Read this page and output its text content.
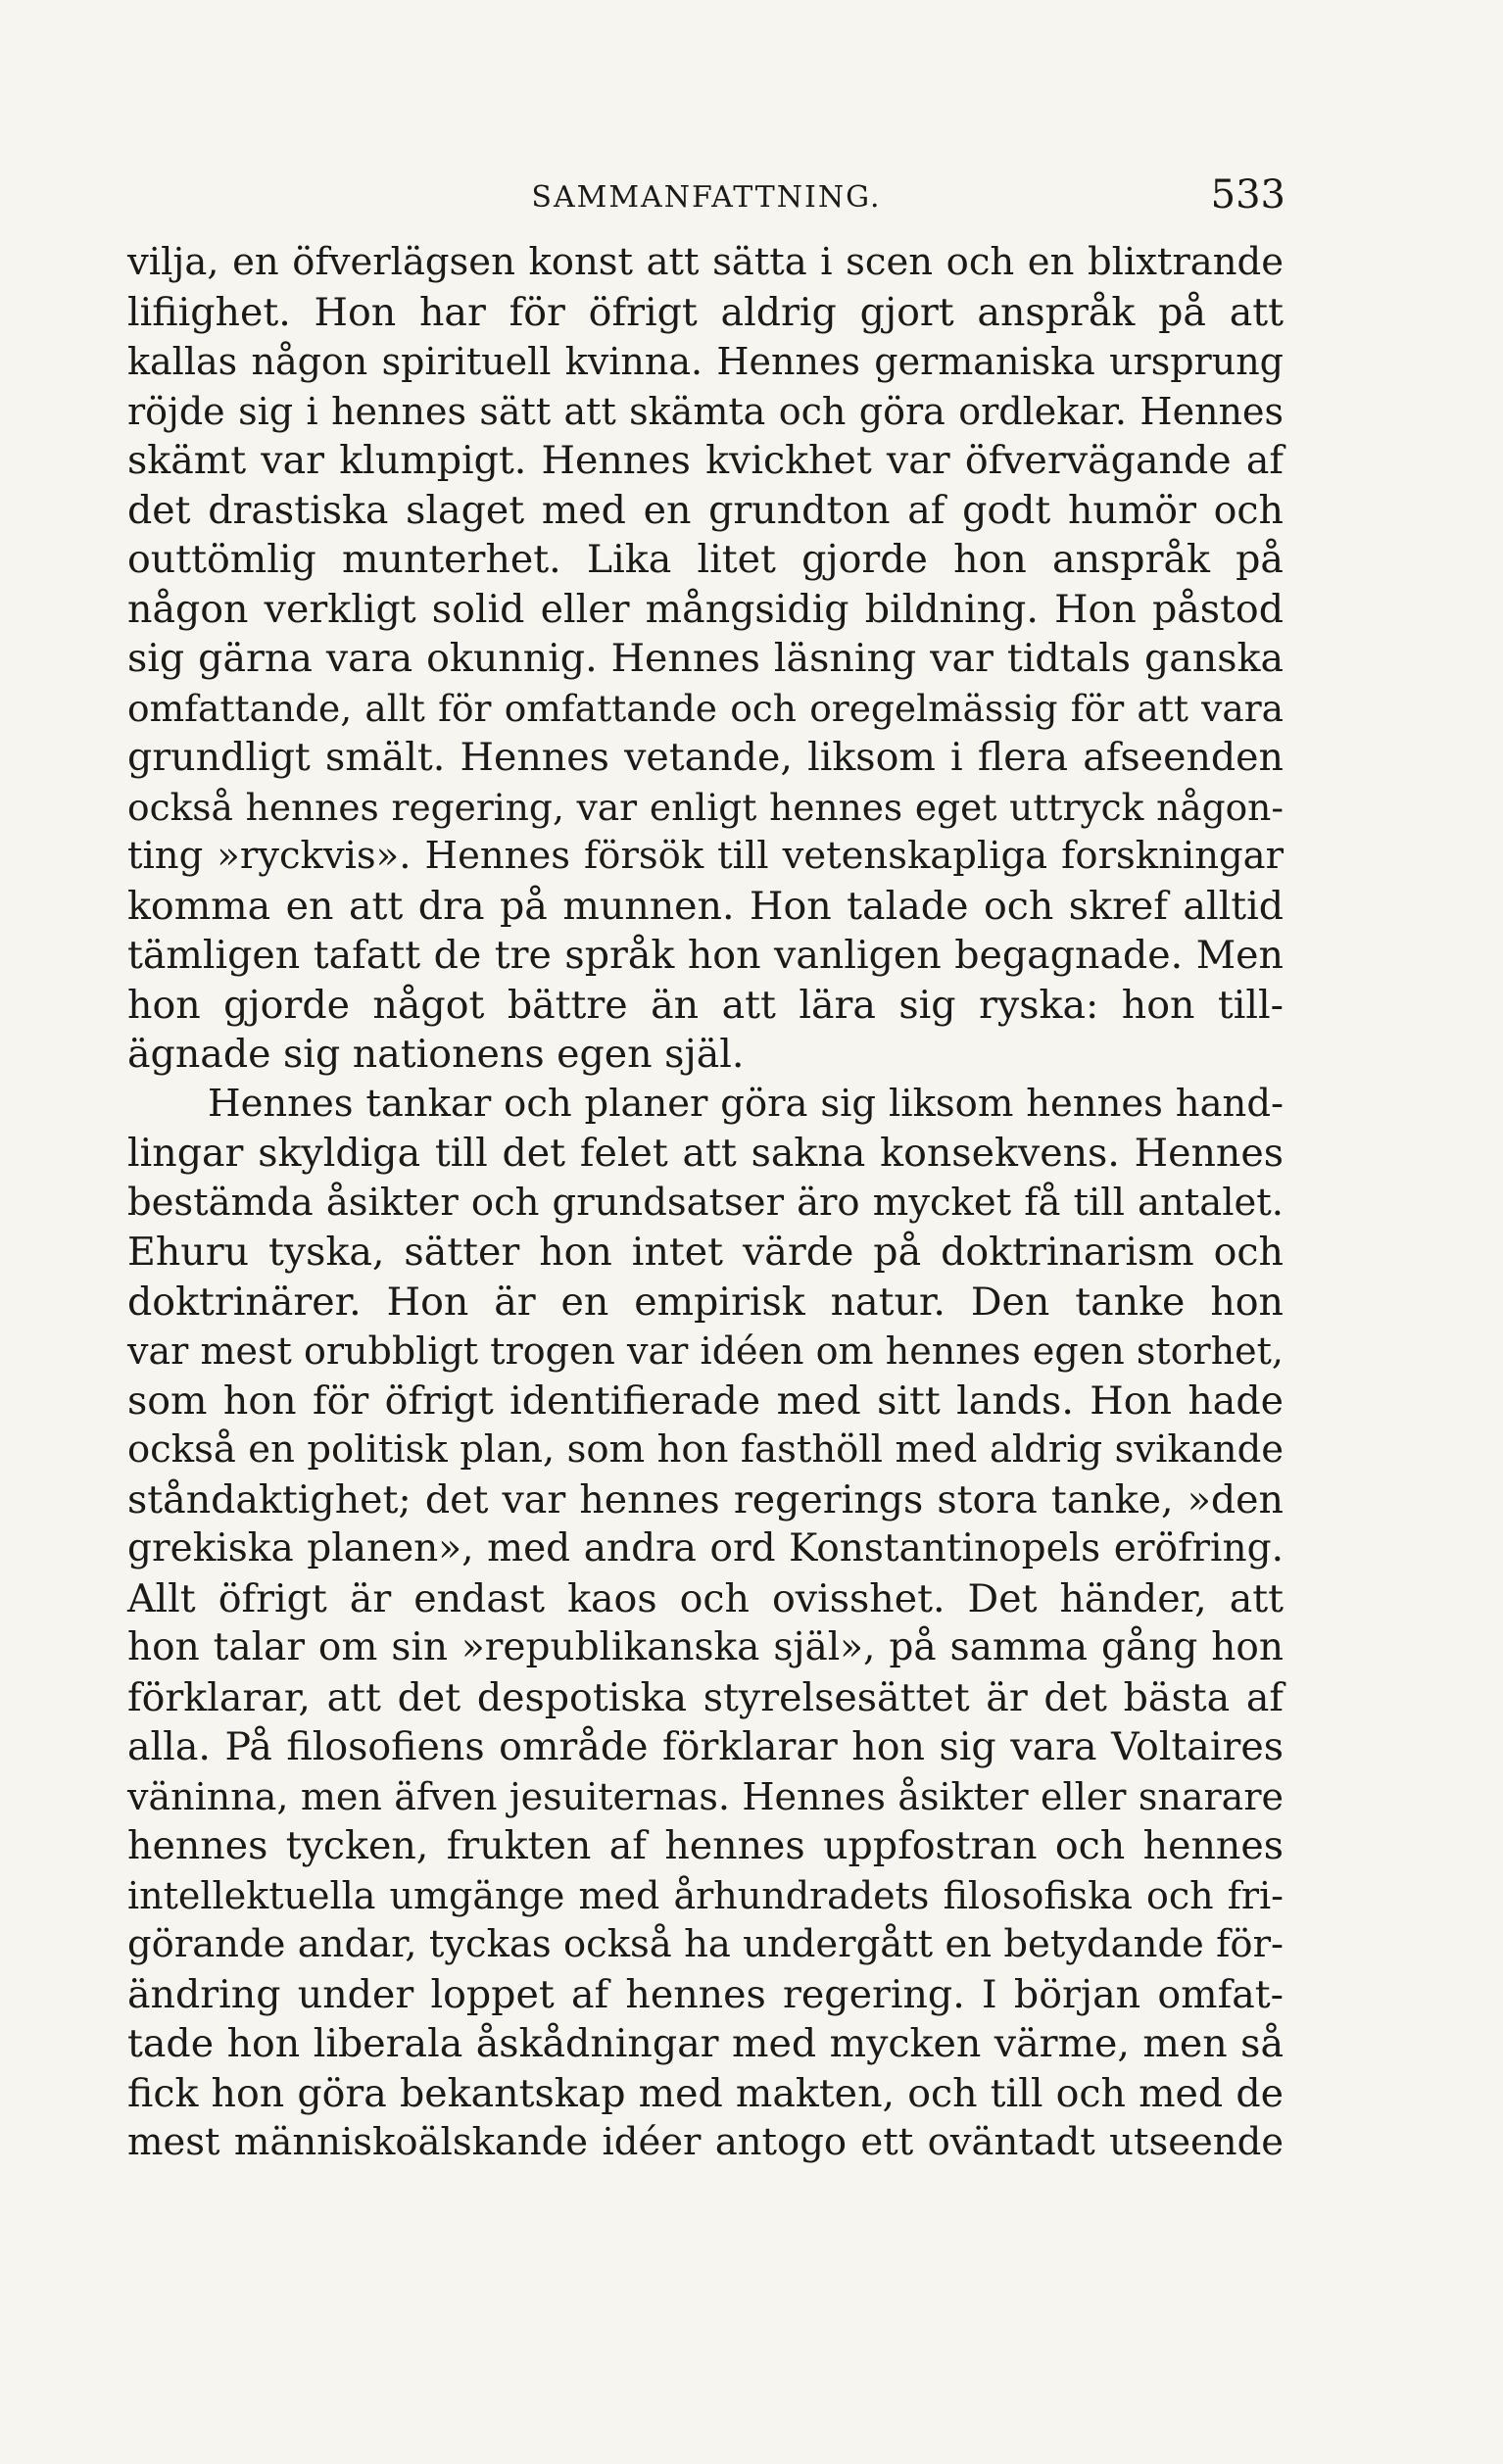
SAMMANFATTNING.	533
vilja, en öfverlägsen konst att sätta i scen och en blixtrande
lifiighet. Hon har för öfrigt aldrig gjort anspråk på att
kallas någon spirituell kvinna. Hennes germaniska ursprung
röjde sig i hennes sätt att skämta och göra ordlekar. Hennes
skämt var klumpigt. Hennes kvickhet var öfvervägande af
det drastiska slaget med en grundton af godt humör och
outtömlig munterhet. Lika litet gjorde hon anspråk på
någon verkligt solid eller mångsidig bildning. Hon påstod
sig gärna vara okunnig. Hennes läsning var tidtals ganska
omfattande, allt för omfattande och oregelmässig för att vara
grundligt smält. Hennes vetande, liksom i flera afseenden
också hennes regering, var enligt hennes eget uttryck någon-
ting »ryckvis». Hennes försök till vetenskapliga forskningar
komma en att dra på munnen. Hon talade och skref alltid
tämligen tafatt de tre språk hon vanligen begagnade. Men
hon gjorde något bättre än att lära sig ryska: hon till-
ägnade sig nationens egen själ.
Hennes tankar och planer göra sig liksom hennes hand-
lingar skyldiga till det felet att sakna konsekvens. Hennes
bestämda åsikter och grundsatser äro mycket få till antalet.
Ehuru tyska, sätter hon intet värde på doktrinarism och
doktrinärer. Hon är en empirisk natur. Den tanke hon
var mest orubbligt trogen var idéen om hennes egen storhet,
som hon för öfrigt identifierade med sitt lands. Hon hade
också en politisk plan, som hon fasthöll med aldrig svikande
ståndaktighet; det var hennes regerings stora tanke, »den
grekiska planen», med andra ord Konstantinopels eröfring.
Allt öfrigt är endast kaos och ovisshet. Det händer, att
hon talar om sin »republikanska själ», på samma gång hon
förklarar, att det despotiska styrelsesättet är det bästa af
alla. På filosofiens område förklarar hon sig vara Voltaires
väninna, men äfven jesuiternas. Hennes åsikter eller snarare
hennes tycken, frukten af hennes uppfostran och hennes
intellektuella umgänge med århundradets filosofiska och fri-
görande andar, tyckas också ha undergått en betydande för-
ändring under loppet af hennes regering. I början omfat-
tade hon liberala åskådningar med mycken värme, men så
fick hon göra bekantskap med makten, och till och med de
mest människoälskande idéer antogo ett oväntadt utseende
